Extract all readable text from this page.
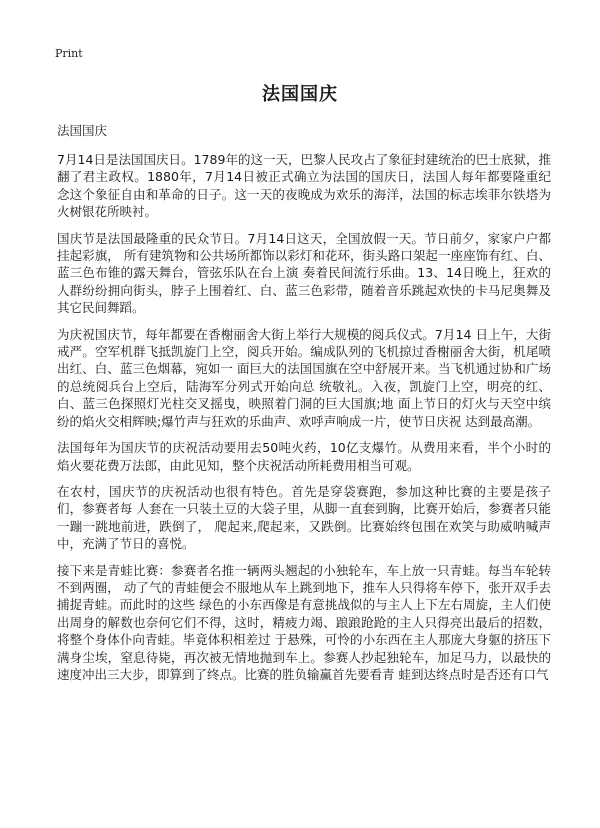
Print
法国国庆

法国国庆

7月14日是法国国庆日。1789年的这一天，巴黎人民攻占了象征封建统治的巴士底狱，推翻了君主政权。1880年，7月14日被正式确立为法国的国庆日，法国人每年都要隆重纪 念这个象征自由和革命的日子。这一天的夜晚成为欢乐的海洋，法国的标志埃菲尔铁塔为火树银花所映衬。

国庆节是法国最隆重的民众节日。7月14日这天，全国放假一天。节日前夕，家家户户都挂起彩旗， 所有建筑物和公共场所都饰以彩灯和花环，街头路口架起一座座饰有红、白、蓝三色布锥的露天舞台，管弦乐队在台上演 奏着民间流行乐曲。13、14日晚上，狂欢的人群纷纷拥向街头，脖子上围着红、白、蓝三色彩带，随着音乐跳起欢快的卡马尼奥舞及其它民间舞蹈。

为庆祝国庆节，每年都要在香榭丽舍大街上举行大规模的阅兵仪式。7月14 日上午，大街戒严。空军机群飞抵凯旋门上空，阅兵开始。编成队列的飞机掠过香榭丽舍大街，机尾喷 出红、白、蓝三色烟幕，宛如一 面巨大的法国国旗在空中舒展开来。当飞机通过协和广场的总统阅兵台上空后，陆海军分列式开始向总 统敬礼。入夜，凯旋门上空，明亮的红、白、蓝三色探照灯光柱交叉摇曳，映照着门洞的巨大国旗;地 面上节日的灯火与天空中缤纷的焰火交相辉映;爆竹声与狂欢的乐曲声、欢呼声响成一片，使节日庆祝 达到最高潮。

法国每年为国庆节的庆祝活动要用去50吨火药，10亿支爆竹。从费用来看，半个小时的焰火要花费万法郎，由此见知，整个庆祝活动所耗费用相当可观。

在农村，国庆节的庆祝活动也很有特色。首先是穿袋赛跑，参加这种比赛的主要是孩子们，参赛者每 人套在一只装土豆的大袋子里，从脚一直套到胸，比赛开始后，参赛者只能一蹦一跳地前进，跌倒了， 爬起来,爬起来，又跌倒。比赛始终包围在欢笑与助威呐喊声中，充满了节日的喜悦。

接下来是青蛙比赛：参赛者名推一辆两头翘起的小独轮车，车上放一只青蛙。每当车轮转不到两圈， 动了气的青蛙便会不服地从车上跳到地下，推车人只得将车停下，张开双手去捕捉青蛙。而此时的这些 绿色的小东西像是有意挑战似的与主人上下左右周旋，主人们使出周身的解数也奈何它们不得，这时，精疲力竭、踉踉跄跄的主人只得亮出最后的招数，将整个身体仆向青蛙。毕竟体积相差过 于悬殊，可怜的小东西在主人那庞大身躯的挤压下满身尘埃，窒息待毙，再次被无情地抛到车上。参赛人抄起独轮车，加足马力，以最快的速度冲出三大步，即算到了终点。比赛的胜负输赢首先要看青 蛙到达终点时是否还有口气
